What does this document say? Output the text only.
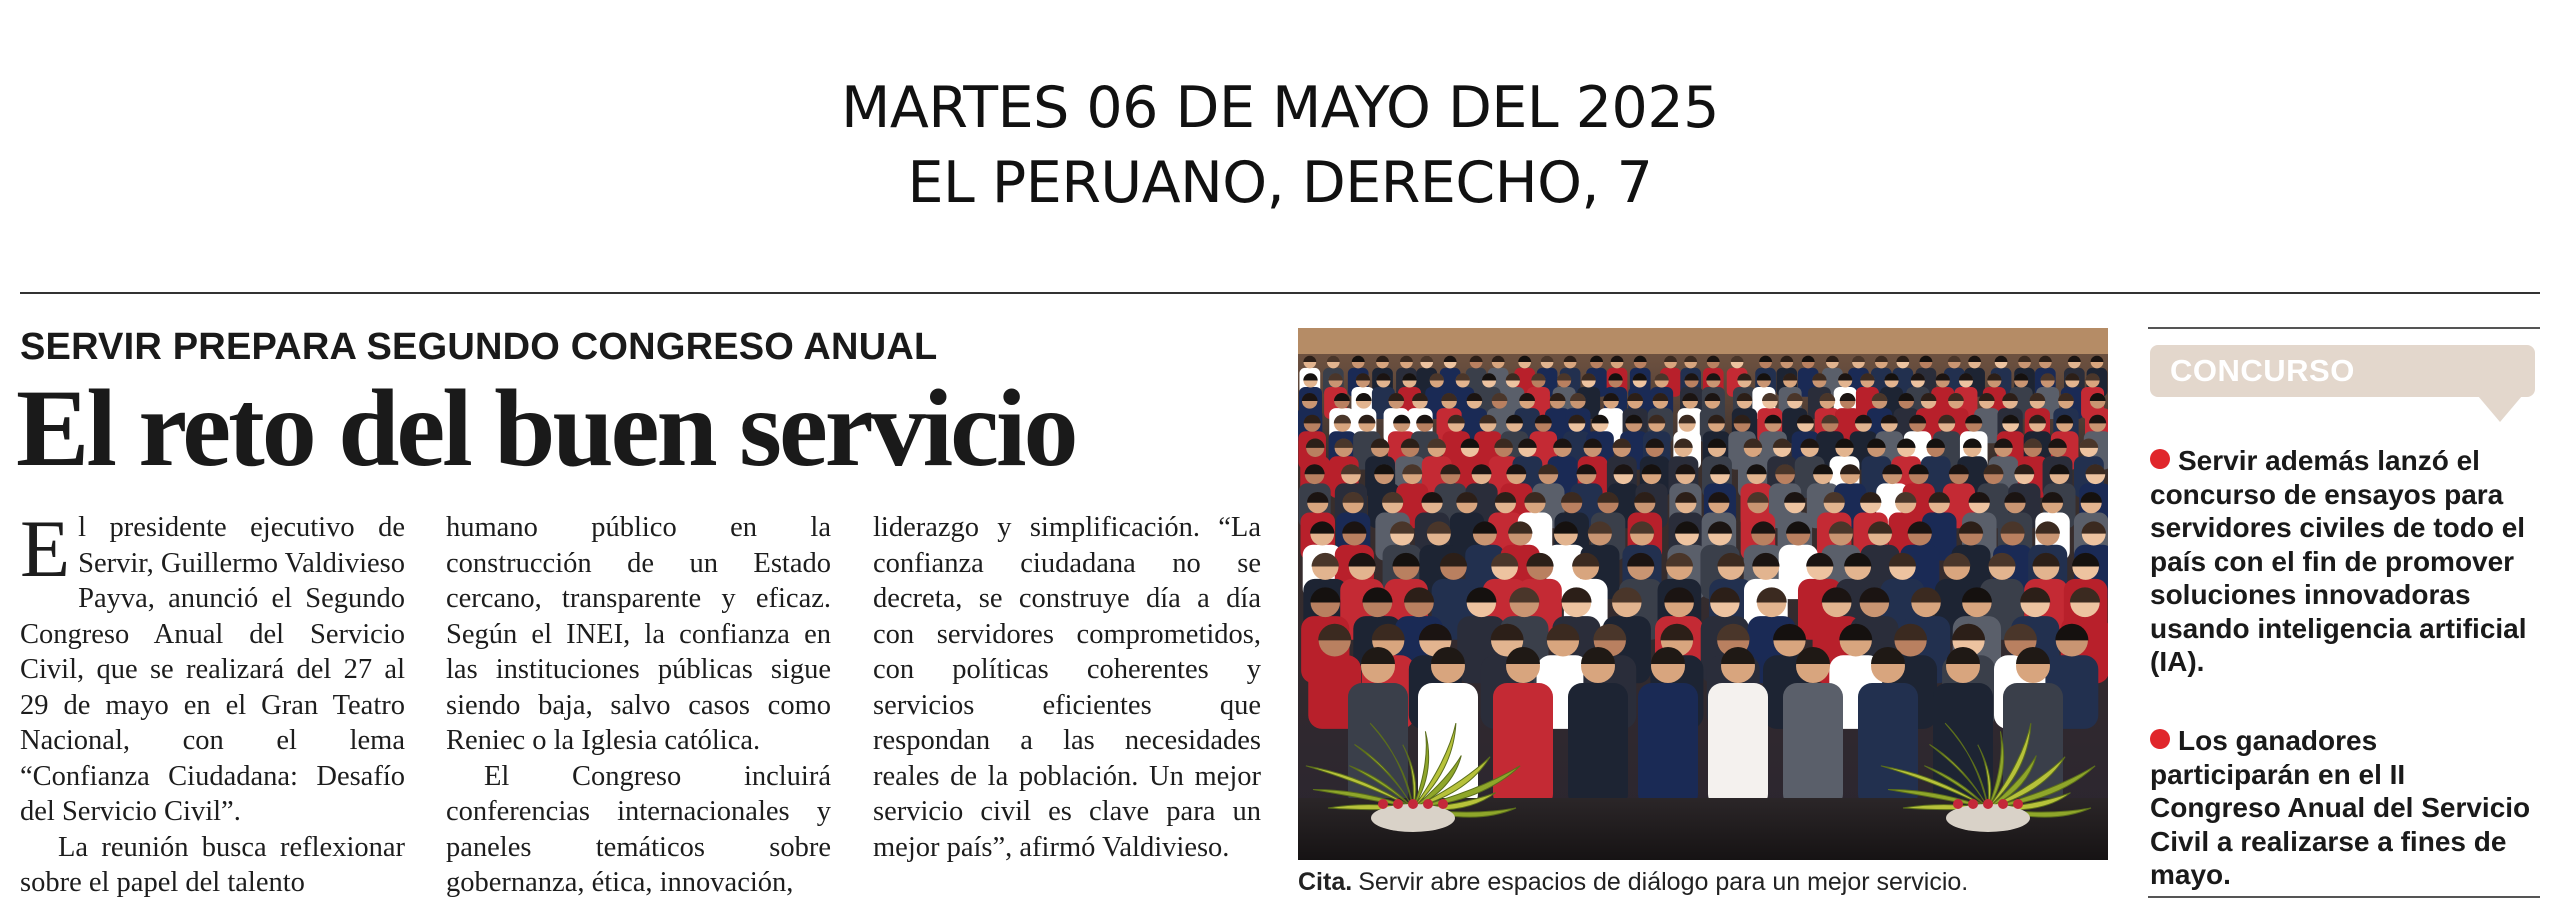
MARTES 06 DE MAYO DEL 2025
EL PERUANO, DERECHO, 7
SERVIR PREPARA SEGUNDO CONGRESO ANUAL
El reto del buen servicio

El presidente ejecutivo de Servir, Guillermo Valdivieso Payva, anunció el Segundo Congreso Anual del Servicio Civil, que se realizará del 27 al 29 de mayo en el Gran Teatro Nacional, con el lema “Confianza Ciudadana: Desafío del Servicio Civil”.

La reunión busca reflexionar sobre el papel del talento

humano público en la construcción de un Estado cercano, transparente y eficaz. Según el INEI, la confianza en las instituciones públicas sigue siendo baja, salvo casos como Reniec o la Iglesia católica.

El Congreso incluirá conferencias internacionales y paneles temáticos sobre gobernanza, ética, innovación,

liderazgo y simplificación. “La confianza ciudadana no se decreta, se construye día a día con servidores comprometidos, con políticas coherentes y servicios eficientes que respondan a las necesidades reales de la población. Un mejor servicio civil es clave para un mejor país”, afirmó Valdivieso.

Cita. Servir abre espacios de diálogo para un mejor servicio.
CONCURSO
Servir además lanzó el concurso de ensayos para servidores civiles de todo el país con el fin de promover soluciones innovadoras usando inteligencia artificial (IA).
Los ganadores participarán en el II Congreso Anual del Servicio Civil a realizarse a fines de mayo.
